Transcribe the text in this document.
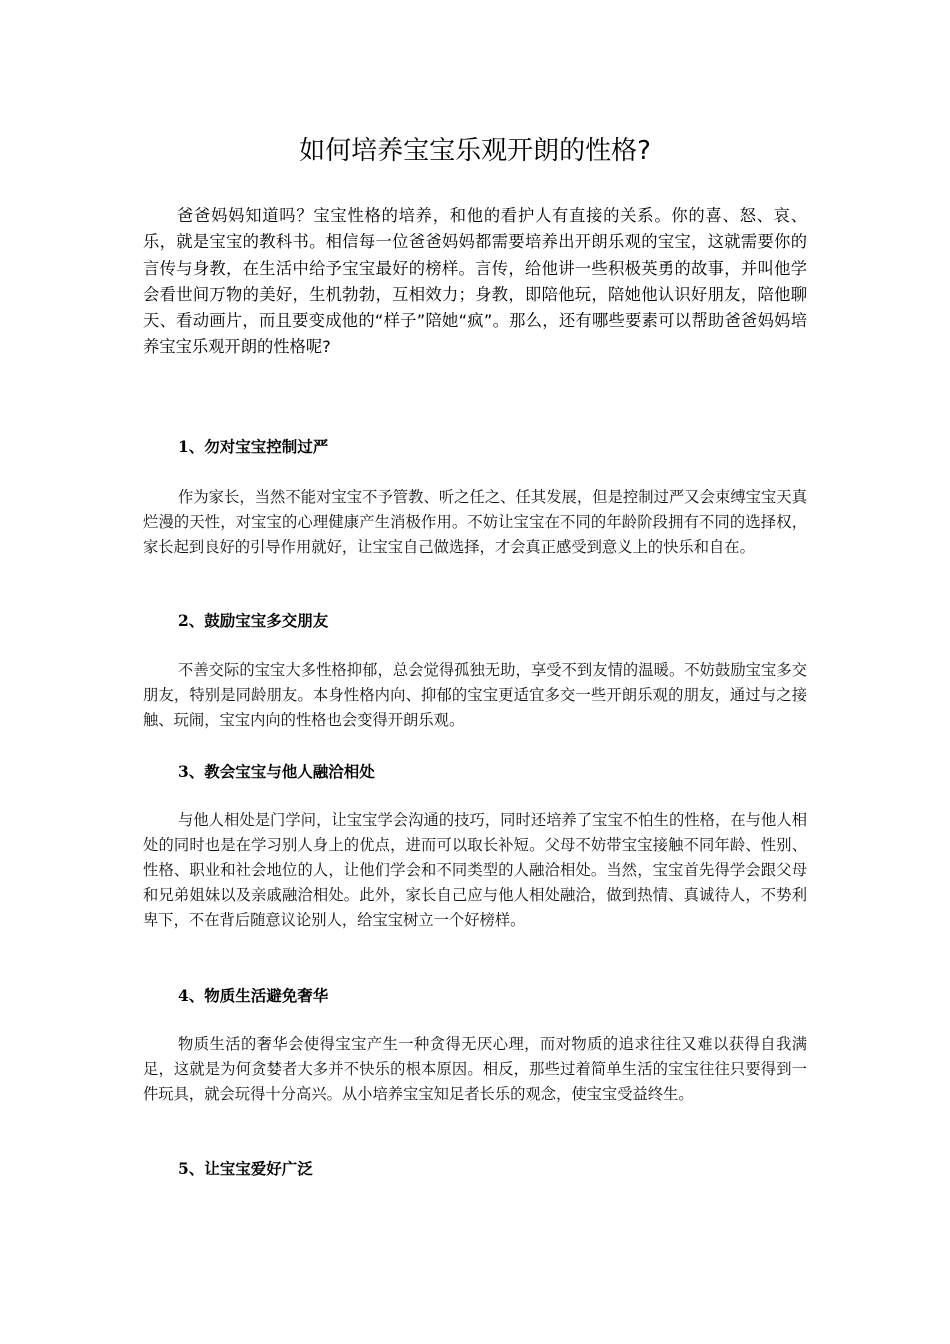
如何培养宝宝乐观开朗的性格?

爸爸妈妈知道吗？宝宝性格的培养，和他的看护人有直接的关系。你的喜、怒、哀、乐，就是宝宝的教科书。相信每一位爸爸妈妈都需要培养出开朗乐观的宝宝，这就需要你的言传与身教，在生活中给予宝宝最好的榜样。言传，给他讲一些积极英勇的故事，并叫他学会看世间万物的美好，生机勃勃，互相效力；身教，即陪他玩，陪她他认识好朋友，陪他聊天、看动画片，而且要变成他的“样子”陪她“疯”。那么，还有哪些要素可以帮助爸爸妈妈培养宝宝乐观开朗的性格呢?

1、勿对宝宝控制过严

作为家长，当然不能对宝宝不予管教、听之任之、任其发展，但是控制过严又会束缚宝宝天真烂漫的天性，对宝宝的心理健康产生消极作用。不妨让宝宝在不同的年龄阶段拥有不同的选择权，家长起到良好的引导作用就好，让宝宝自己做选择，才会真正感受到意义上的快乐和自在。

2、鼓励宝宝多交朋友

不善交际的宝宝大多性格抑郁，总会觉得孤独无助，享受不到友情的温暖。不妨鼓励宝宝多交朋友，特别是同龄朋友。本身性格内向、抑郁的宝宝更适宜多交一些开朗乐观的朋友，通过与之接触、玩闹，宝宝内向的性格也会变得开朗乐观。

3、教会宝宝与他人融洽相处

与他人相处是门学问，让宝宝学会沟通的技巧，同时还培养了宝宝不怕生的性格，在与他人相处的同时也是在学习别人身上的优点，进而可以取长补短。父母不妨带宝宝接触不同年龄、性别、性格、职业和社会地位的人，让他们学会和不同类型的人融洽相处。当然，宝宝首先得学会跟父母和兄弟姐妹以及亲戚融洽相处。此外，家长自己应与他人相处融洽，做到热情、真诚待人，不势利卑下，不在背后随意议论别人，给宝宝树立一个好榜样。

4、物质生活避免奢华

物质生活的奢华会使得宝宝产生一种贪得无厌心理，而对物质的追求往往又难以获得自我满足，这就是为何贪婪者大多并不快乐的根本原因。相反，那些过着简单生活的宝宝往往只要得到一件玩具，就会玩得十分高兴。从小培养宝宝知足者长乐的观念，使宝宝受益终生。

5、让宝宝爱好广泛
